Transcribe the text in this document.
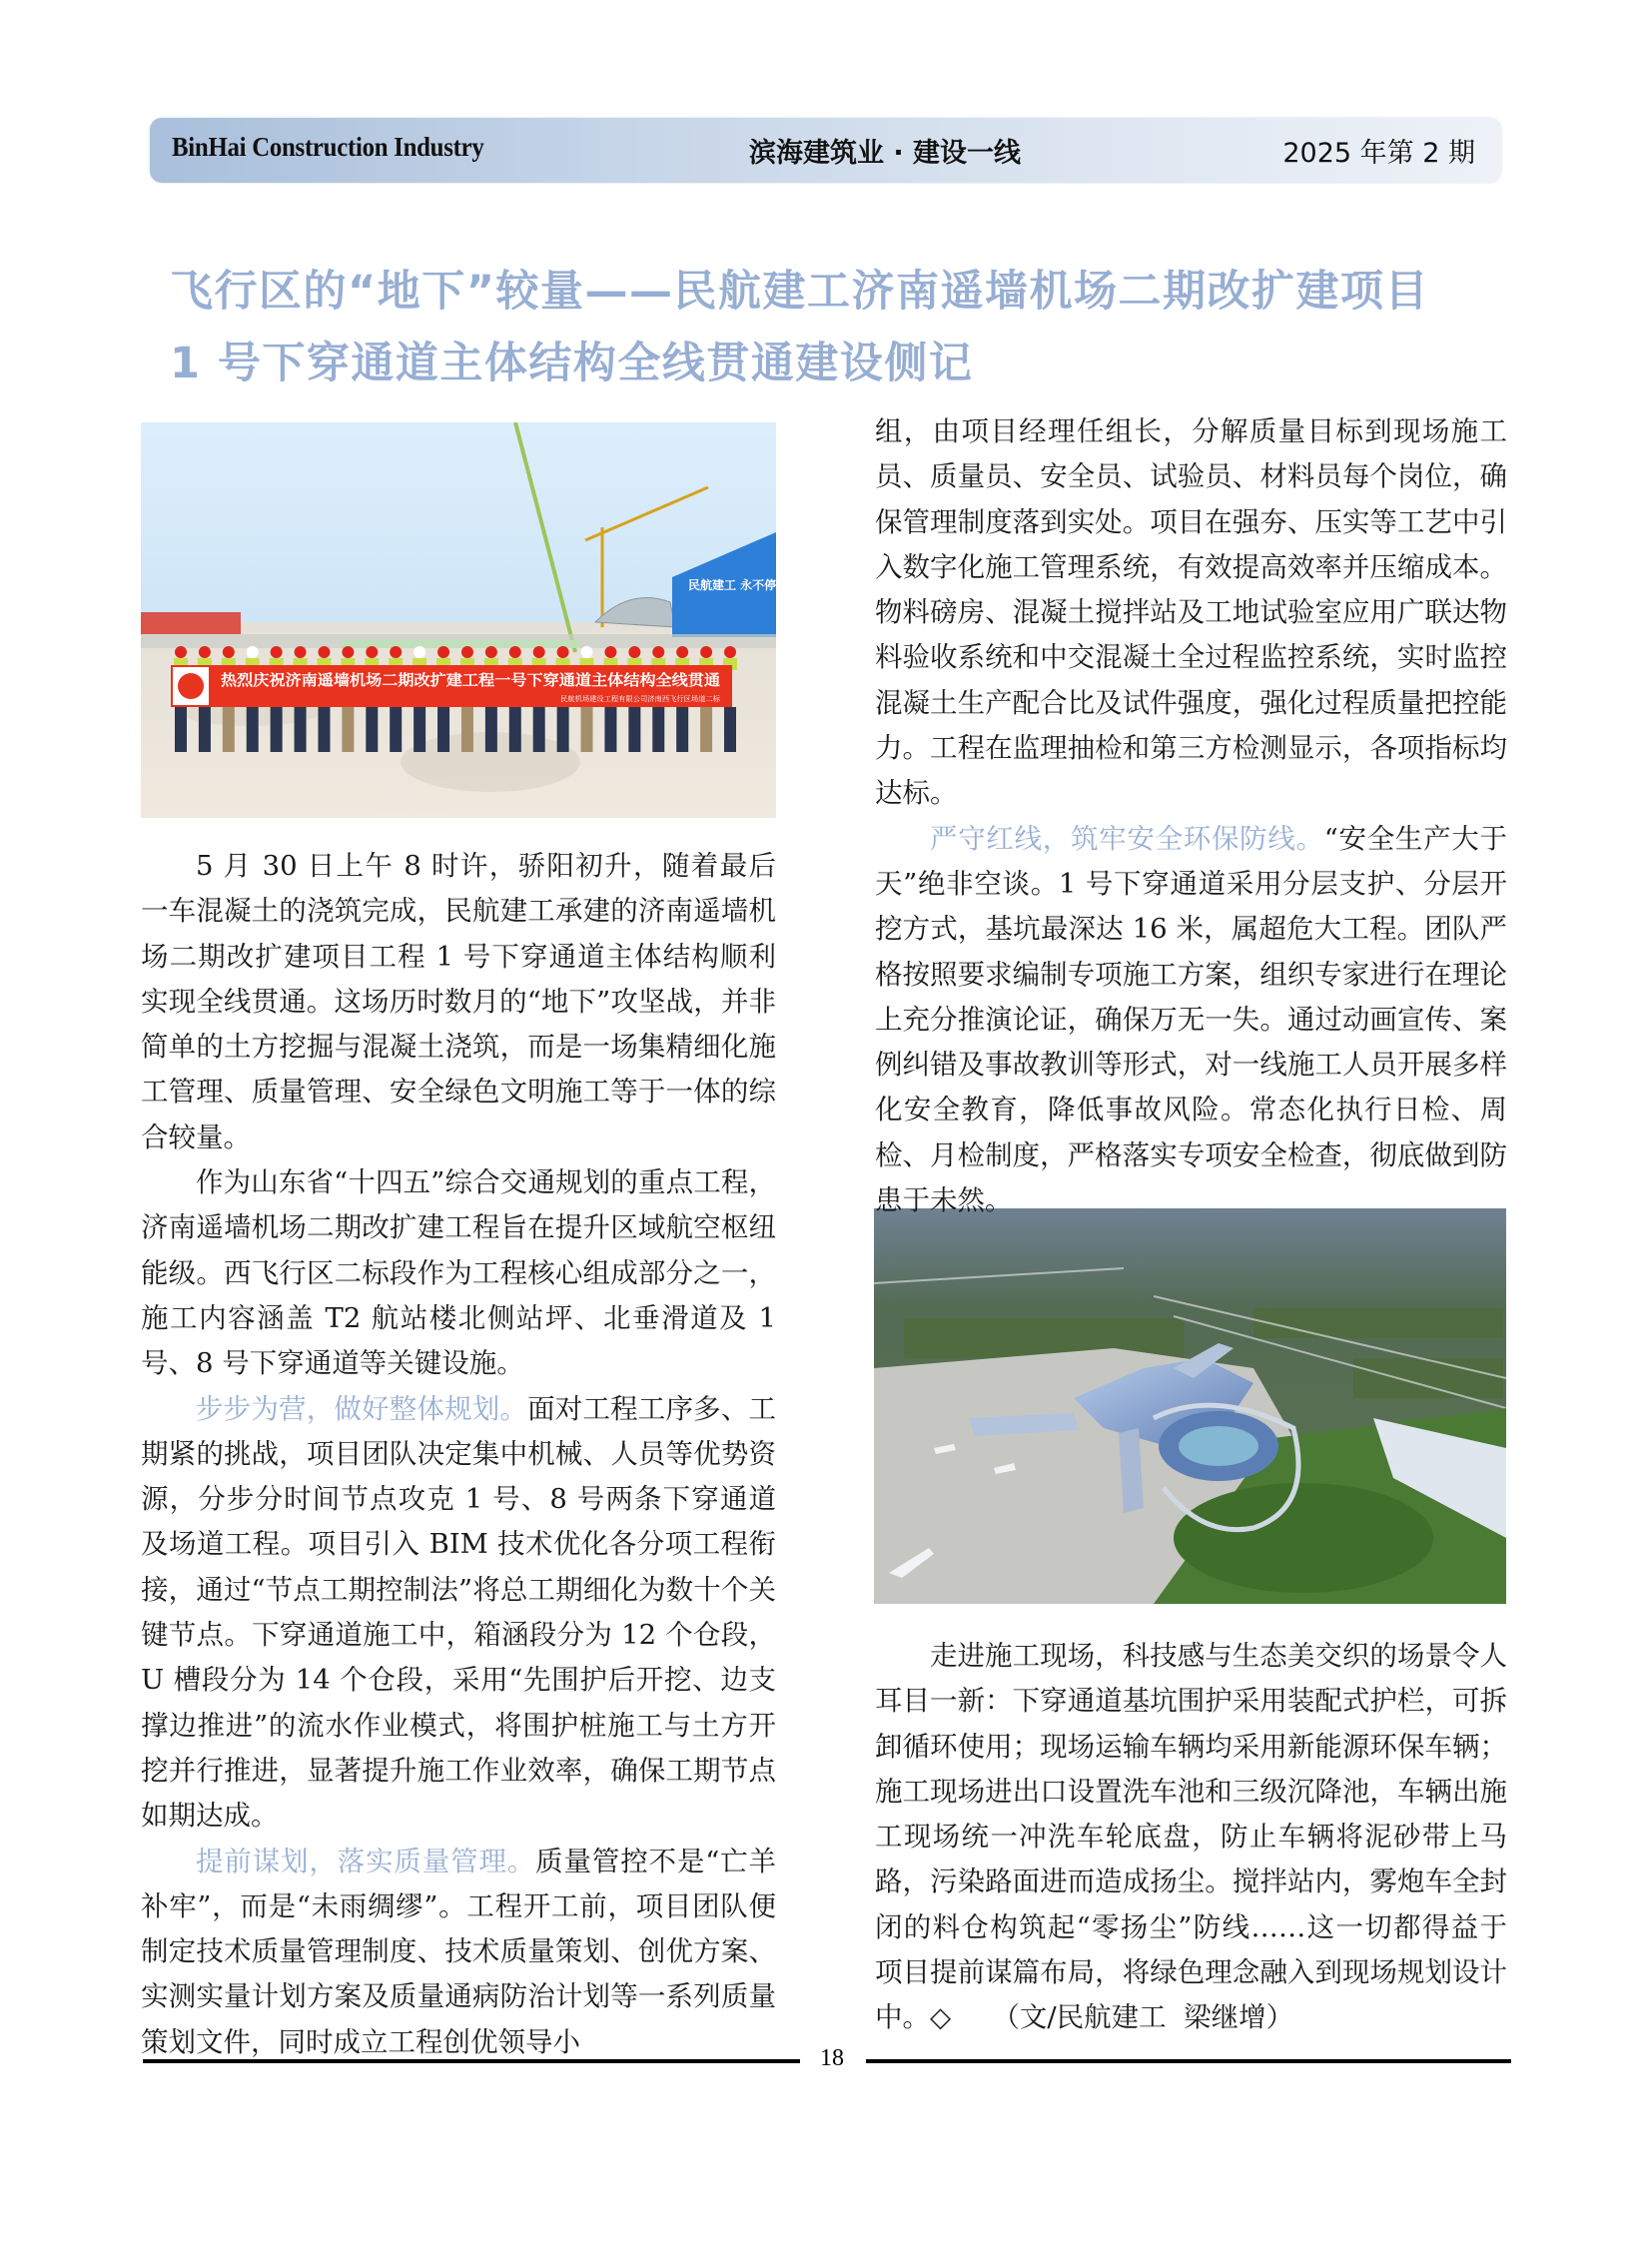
BinHai Construction Industry	滨海建筑业 · 建设一线	2025 年第 2 期
飞行区的“地下”较量——民航建工济南遥墙机场二期改扩建项目
1 号下穿通道主体结构全线贯通建设侧记
民航建工 永不停
热烈庆祝济南遥墙机场二期改扩建工程一号下穿通道主体结构全线贯通
民航机场建设工程有限公司济南西飞行区场道二标

5 月 30 日上午 8 时许，骄阳初升，随着最后一车混凝土的浇筑完成，民航建工承建的济南遥墙机场二期改扩建项目工程 1 号下穿通道主体结构顺利实现全线贯通。这场历时数月的“地下”攻坚战，并非简单的土方挖掘与混凝土浇筑，而是一场集精细化施工管理、质量管理、安全绿色文明施工等于一体的综合较量。

作为山东省“十四五”综合交通规划的重点工程，济南遥墙机场二期改扩建工程旨在提升区域航空枢纽能级。西飞行区二标段作为工程核心组成部分之一，施工内容涵盖 T2 航站楼北侧站坪、北垂滑道及 1 号、8 号下穿通道等关键设施。

步步为营，做好整体规划。面对工程工序多、工期紧的挑战，项目团队决定集中机械、人员等优势资源，分步分时间节点攻克 1 号、8 号两条下穿通道及场道工程。项目引入 BIM 技术优化各分项工程衔接，通过“节点工期控制法”将总工期细化为数十个关键节点。下穿通道施工中，箱涵段分为 12 个仓段，U 槽段分为 14 个仓段，采用“先围护后开挖、边支撑边推进”的流水作业模式，将围护桩施工与土方开挖并行推进，显著提升施工作业效率，确保工期节点如期达成。

提前谋划，落实质量管理。质量管控不是“亡羊补牢”，而是“未雨绸缪”。工程开工前，项目团队便制定技术质量管理制度、技术质量策划、创优方案、实测实量计划方案及质量通病防治计划等一系列质量策划文件，同时成立工程创优领导小

组，由项目经理任组长，分解质量目标到现场施工员、质量员、安全员、试验员、材料员每个岗位，确保管理制度落到实处。项目在强夯、压实等工艺中引入数字化施工管理系统，有效提高效率并压缩成本。物料磅房、混凝土搅拌站及工地试验室应用广联达物料验收系统和中交混凝土全过程监控系统，实时监控混凝土生产配合比及试件强度，强化过程质量把控能力。工程在监理抽检和第三方检测显示，各项指标均达标。

严守红线，筑牢安全环保防线。“安全生产大于天”绝非空谈。1 号下穿通道采用分层支护、分层开挖方式，基坑最深达 16 米，属超危大工程。团队严格按照要求编制专项施工方案，组织专家进行在理论上充分推演论证，确保万无一失。通过动画宣传、案例纠错及事故教训等形式，对一线施工人员开展多样化安全教育，降低事故风险。常态化执行日检、周检、月检制度，严格落实专项安全检查，彻底做到防患于未然。

走进施工现场，科技感与生态美交织的场景令人耳目一新：下穿通道基坑围护采用装配式护栏，可拆卸循环使用；现场运输车辆均采用新能源环保车辆；施工现场进出口设置洗车池和三级沉降池，车辆出施工现场统一冲洗车轮底盘，防止车辆将泥砂带上马路，污染路面进而造成扬尘。搅拌站内，雾炮车全封闭的料仓构筑起“零扬尘”防线……这一切都得益于项目提前谋篇布局，将绿色理念融入到现场规划设计中。◇　　 （文/民航建工  梁继增）

18
